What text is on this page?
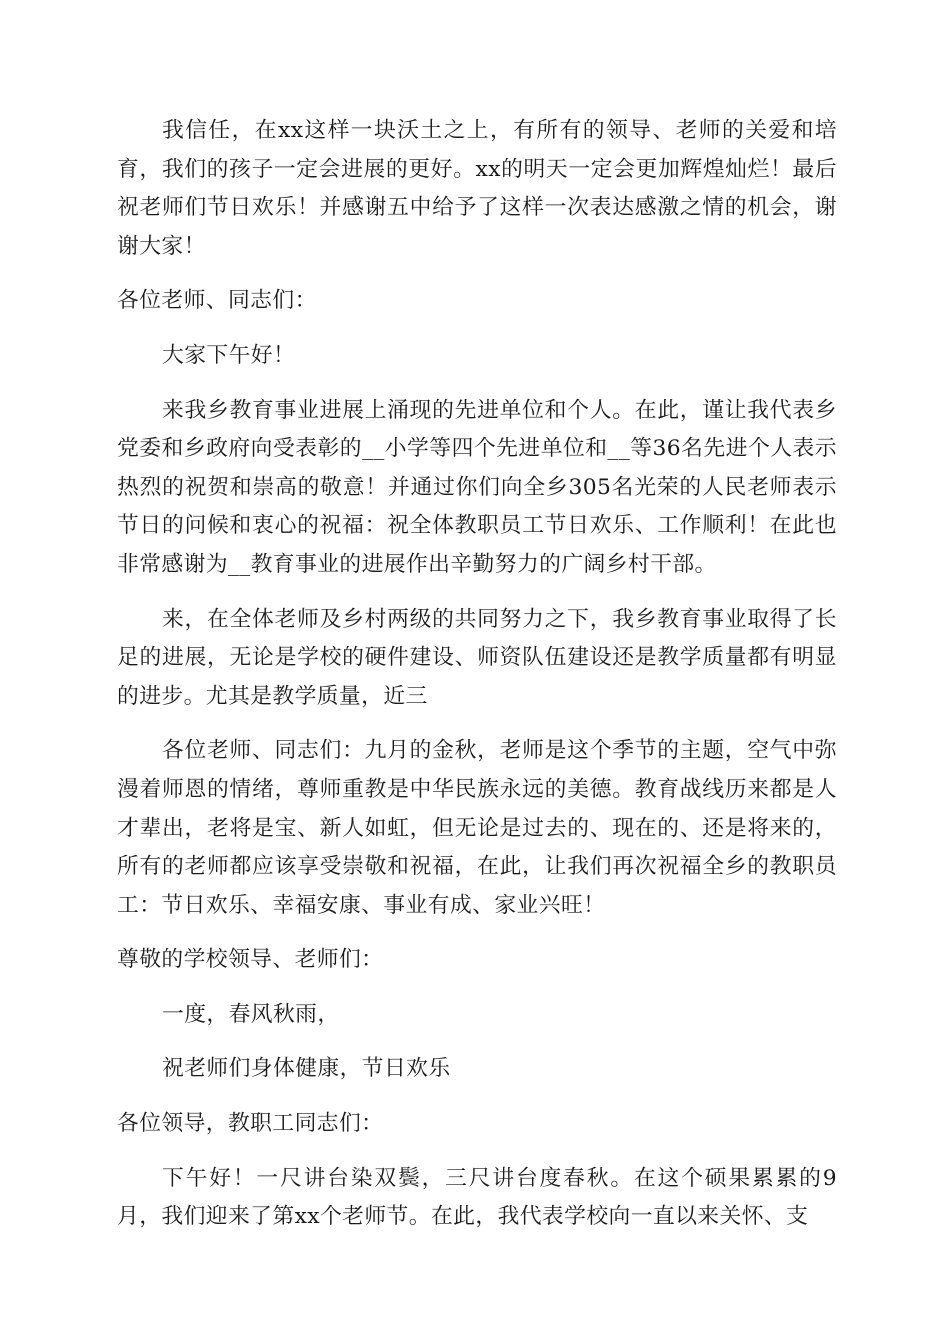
我信任，在xx这样一块沃土之上，有所有的领导、老师的关爱和培育，我们的孩子一定会进展的更好。xx的明天一定会更加辉煌灿烂！最后祝老师们节日欢乐！并感谢五中给予了这样一次表达感激之情的机会，谢谢大家！

各位老师、同志们：

大家下午好！

来我乡教育事业进展上涌现的先进单位和个人。在此，谨让我代表乡党委和乡政府向受表彰的__小学等四个先进单位和__等36名先进个人表示热烈的祝贺和崇高的敬意！并通过你们向全乡305名光荣的人民老师表示节日的问候和衷心的祝福：祝全体教职员工节日欢乐、工作顺利！在此也非常感谢为__教育事业的进展作出辛勤努力的广阔乡村干部。

来，在全体老师及乡村两级的共同努力之下，我乡教育事业取得了长足的进展，无论是学校的硬件建设、师资队伍建设还是教学质量都有明显的进步。尤其是教学质量，近三

各位老师、同志们：九月的金秋，老师是这个季节的主题，空气中弥漫着师恩的情绪，尊师重教是中华民族永远的美德。教育战线历来都是人才辈出，老将是宝、新人如虹，但无论是过去的、现在的、还是将来的，所有的老师都应该享受崇敬和祝福，在此，让我们再次祝福全乡的教职员工：节日欢乐、幸福安康、事业有成、家业兴旺！

尊敬的学校领导、老师们：

一度，春风秋雨，

祝老师们身体健康，节日欢乐

各位领导，教职工同志们：

下午好！一尺讲台染双鬓，三尺讲台度春秋。在这个硕果累累的9月，我们迎来了第xx个老师节。在此，我代表学校向一直以来关怀、支
